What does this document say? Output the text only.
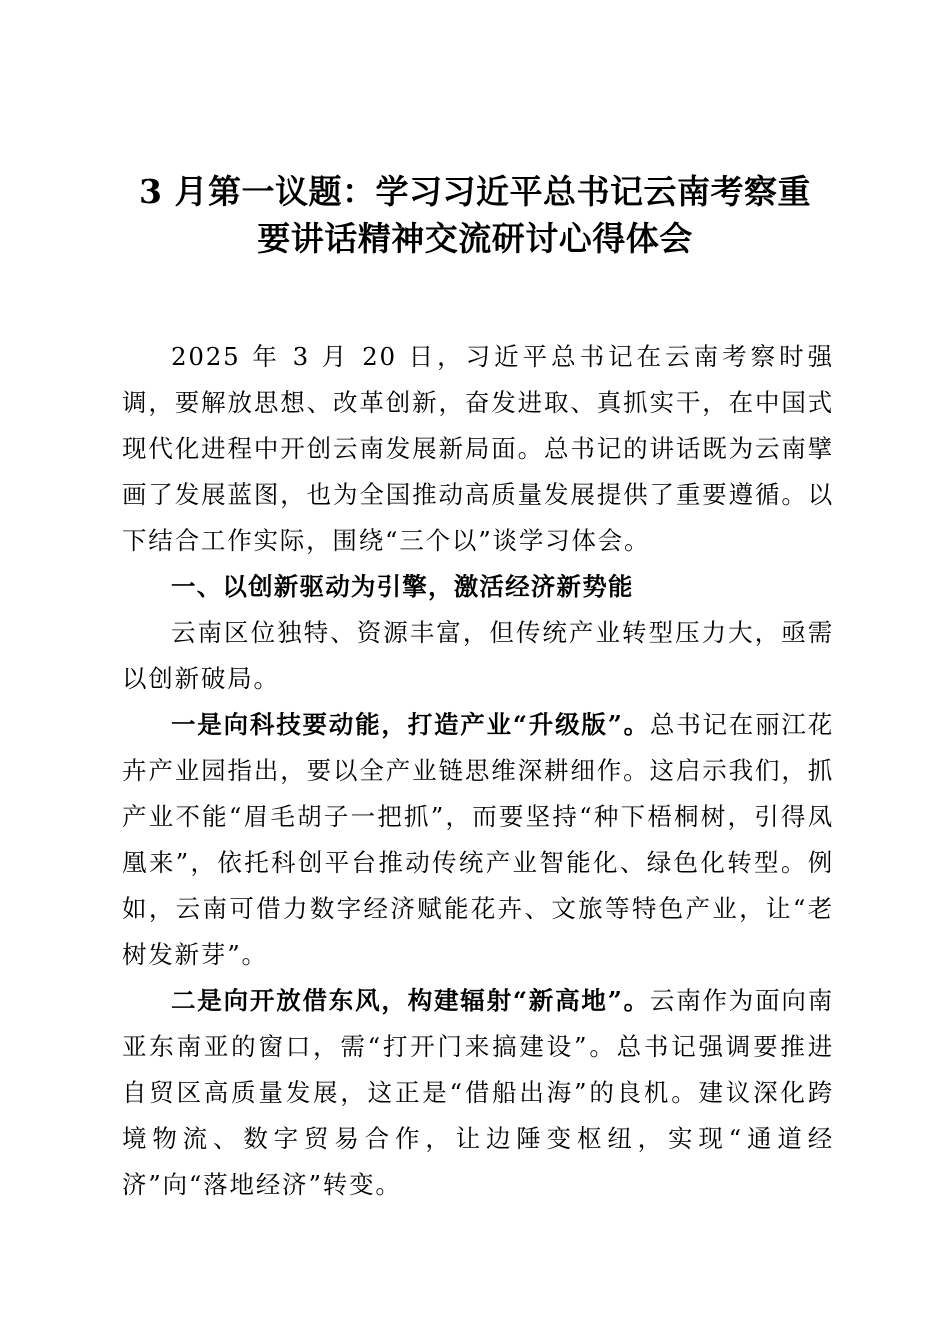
3 月第一议题：学习习近平总书记云南考察重
要讲话精神交流研讨心得体会

2025 年 3 月 20 日，习近平总书记在云南考察时强调，要解放思想、改革创新，奋发进取、真抓实干，在中国式现代化进程中开创云南发展新局面。总书记的讲话既为云南擘画了发展蓝图，也为全国推动高质量发展提供了重要遵循。以下结合工作实际，围绕“三个以”谈学习体会。

一、以创新驱动为引擎，激活经济新势能

云南区位独特、资源丰富，但传统产业转型压力大，亟需以创新破局。

一是向科技要动能，打造产业“升级版”。总书记在丽江花卉产业园指出，要以全产业链思维深耕细作。这启示我们，抓产业不能“眉毛胡子一把抓”，而要坚持“种下梧桐树，引得凤凰来”，依托科创平台推动传统产业智能化、绿色化转型。例如，云南可借力数字经济赋能花卉、文旅等特色产业，让“老树发新芽”。

二是向开放借东风，构建辐射“新高地”。云南作为面向南亚东南亚的窗口，需“打开门来搞建设”。总书记强调要推进自贸区高质量发展，这正是“借船出海”的良机。建议深化跨境物流、数字贸易合作，让边陲变枢纽，实现“通道经济”向“落地经济”转变。
